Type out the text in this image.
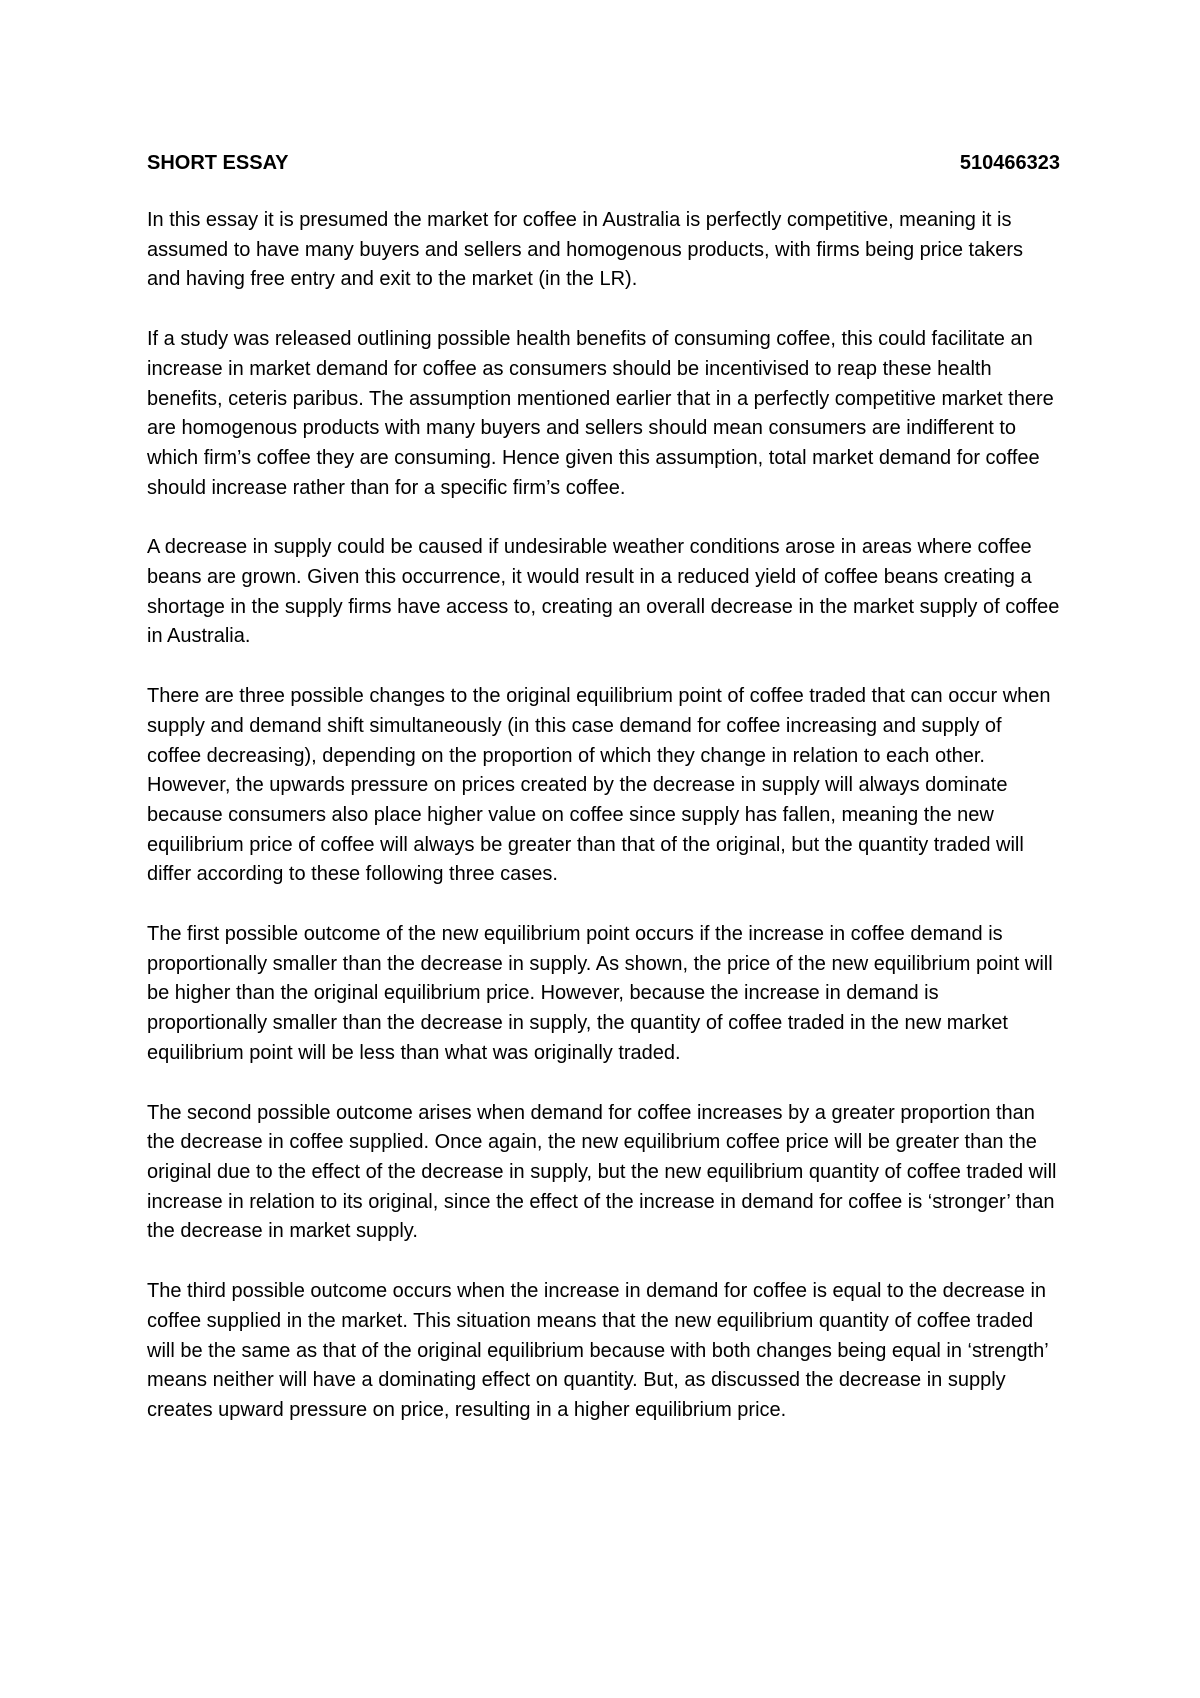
SHORT ESSAY	510466323

In this essay it is presumed the market for coffee in Australia is perfectly competitive, meaning it is assumed to have many buyers and sellers and homogenous products, with firms being price takers and having free entry and exit to the market (in the LR).

If a study was released outlining possible health benefits of consuming coffee, this could facilitate an increase in market demand for coffee as consumers should be incentivised to reap these health benefits, ceteris paribus. The assumption mentioned earlier that in a perfectly competitive market there are homogenous products with many buyers and sellers should mean consumers are indifferent to which firm’s coffee they are consuming. Hence given this assumption, total market demand for coffee should increase rather than for a specific firm’s coffee.

A decrease in supply could be caused if undesirable weather conditions arose in areas where coffee beans are grown. Given this occurrence, it would result in a reduced yield of coffee beans creating a shortage in the supply firms have access to, creating an overall decrease in the market supply of coffee in Australia.

There are three possible changes to the original equilibrium point of coffee traded that can occur when supply and demand shift simultaneously (in this case demand for coffee increasing and supply of coffee decreasing), depending on the proportion of which they change in relation to each other. However, the upwards pressure on prices created by the decrease in supply will always dominate because consumers also place higher value on coffee since supply has fallen, meaning the new equilibrium price of coffee will always be greater than that of the original, but the quantity traded will differ according to these following three cases.

The first possible outcome of the new equilibrium point occurs if the increase in coffee demand is proportionally smaller than the decrease in supply. As shown, the price of the new equilibrium point will be higher than the original equilibrium price. However, because the increase in demand is proportionally smaller than the decrease in supply, the quantity of coffee traded in the new market equilibrium point will be less than what was originally traded.

The second possible outcome arises when demand for coffee increases by a greater proportion than the decrease in coffee supplied. Once again, the new equilibrium coffee price will be greater than the original due to the effect of the decrease in supply, but the new equilibrium quantity of coffee traded will increase in relation to its original, since the effect of the increase in demand for coffee is ‘stronger’ than the decrease in market supply.

The third possible outcome occurs when the increase in demand for coffee is equal to the decrease in coffee supplied in the market. This situation means that the new equilibrium quantity of coffee traded will be the same as that of the original equilibrium because with both changes being equal in ‘strength’ means neither will have a dominating effect on quantity. But, as discussed the decrease in supply creates upward pressure on price, resulting in a higher equilibrium price.
